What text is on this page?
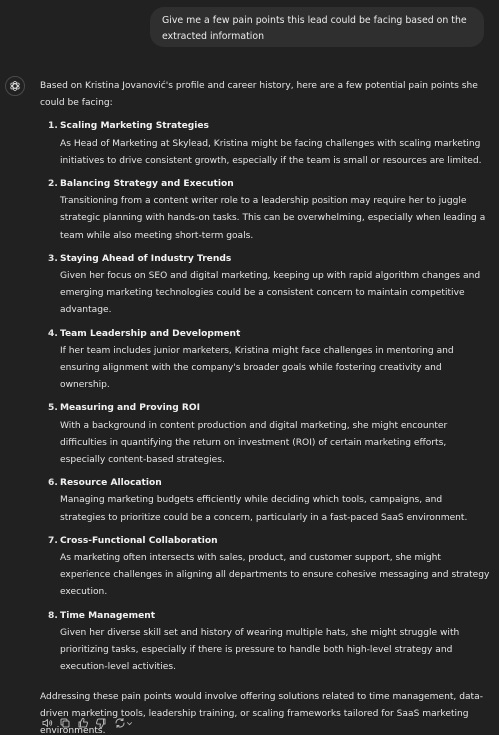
Give me a few pain points this lead could be facing based on the extracted information

Based on Kristina Jovanović's profile and career history, here are a few potential pain points she could be facing:

1. Scaling Marketing Strategies
As Head of Marketing at Skylead, Kristina might be facing challenges with scaling marketing initiatives to drive consistent growth, especially if the team is small or resources are limited.
2. Balancing Strategy and Execution
Transitioning from a content writer role to a leadership position may require her to juggle strategic planning with hands-on tasks. This can be overwhelming, especially when leading a team while also meeting short-term goals.
3. Staying Ahead of Industry Trends
Given her focus on SEO and digital marketing, keeping up with rapid algorithm changes and emerging marketing technologies could be a consistent concern to maintain competitive advantage.
4. Team Leadership and Development
If her team includes junior marketers, Kristina might face challenges in mentoring and ensuring alignment with the company's broader goals while fostering creativity and ownership.
5. Measuring and Proving ROI
With a background in content production and digital marketing, she might encounter difficulties in quantifying the return on investment (ROI) of certain marketing efforts, especially content-based strategies.
6. Resource Allocation
Managing marketing budgets efficiently while deciding which tools, campaigns, and strategies to prioritize could be a concern, particularly in a fast-paced SaaS environment.
7. Cross-Functional Collaboration
As marketing often intersects with sales, product, and customer support, she might experience challenges in aligning all departments to ensure cohesive messaging and strategy execution.
8. Time Management
Given her diverse skill set and history of wearing multiple hats, she might struggle with prioritizing tasks, especially if there is pressure to handle both high-level strategy and execution-level activities.

Addressing these pain points would involve offering solutions related to time management, data-driven marketing tools, leadership training, or scaling frameworks tailored for SaaS marketing environments.
